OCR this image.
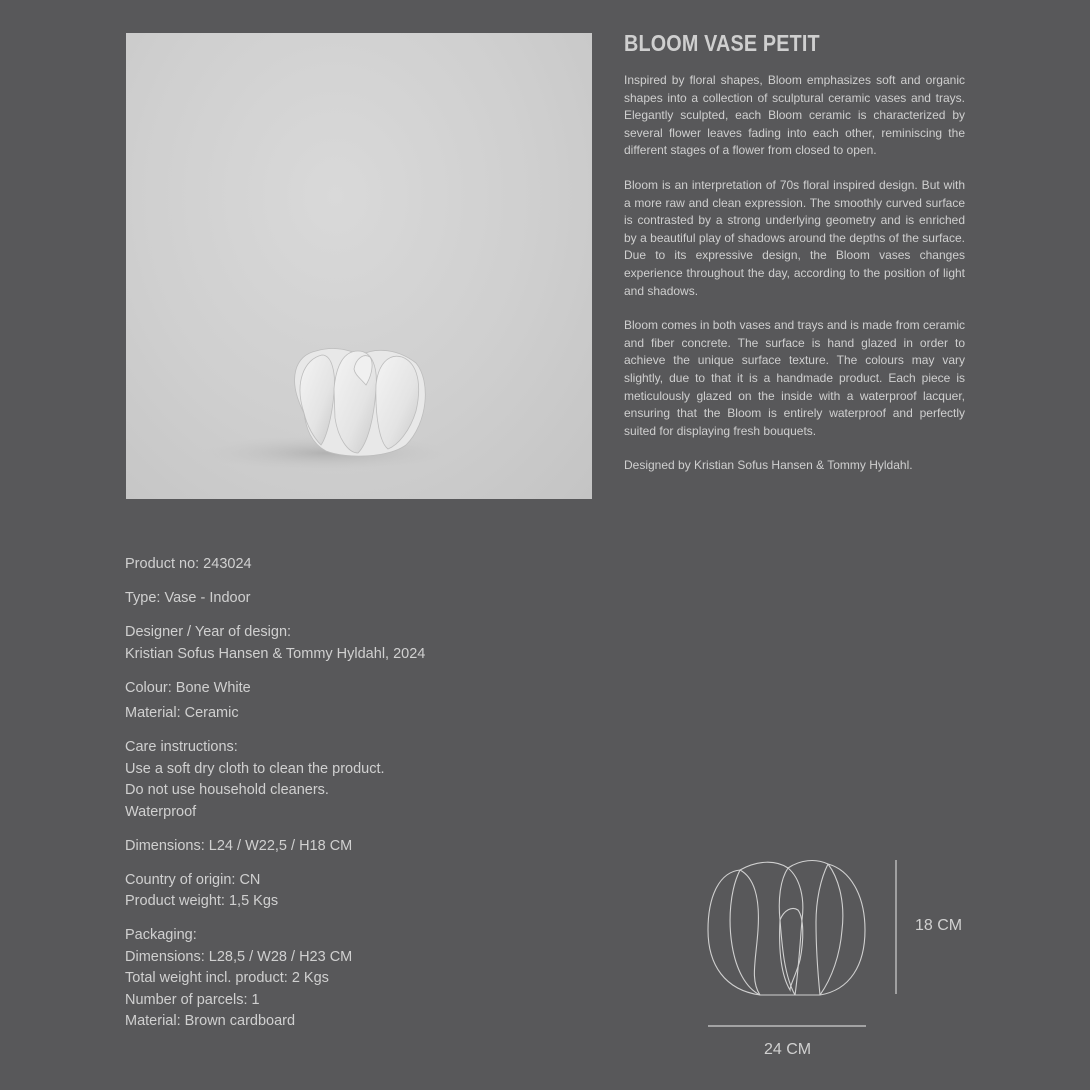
BLOOM VASE PETIT

Inspired by floral shapes, Bloom emphasizes soft and organic shapes into a collection of sculptural ceramic vases and trays. Elegantly sculpted, each Bloom ceramic is characterized by several flower leaves fading into each other, reminiscing the different stages of a flower from closed to open.

Bloom is an interpretation of 70s floral inspired design. But with a more raw and clean expression. The smoothly curved surface is contrasted by a strong underlying geometry and is enriched by a beautiful play of shadows around the depths of the surface. Due to its expressive design, the Bloom vases changes experience throughout the day, according to the position of light and shadows.

Bloom comes in both vases and trays and is made from ceramic and fiber concrete. The surface is hand glazed in order to achieve the unique surface texture. The colours may vary slightly, due to that it is a handmade product. Each piece is meticulously glazed on the inside with a waterproof lacquer, ensuring that the Bloom is entirely waterproof and perfectly suited for displaying fresh bouquets.

Designed by Kristian Sofus Hansen & Tommy Hyldahl.

Product no: 243024
Type: Vase - Indoor
Designer / Year of design:
Kristian Sofus Hansen & Tommy Hyldahl, 2024
Colour: Bone White
Material: Ceramic
Care instructions:
Use a soft dry cloth to clean the product.
Do not use household cleaners.
Waterproof
Dimensions: L24 / W22,5 / H18 CM
Country of origin: CN
Product weight: 1,5 Kgs
Packaging:
Dimensions: L28,5 / W28 / H23 CM
Total weight incl. product: 2 Kgs
Number of parcels: 1
Material: Brown cardboard
18 CM
24 CM
